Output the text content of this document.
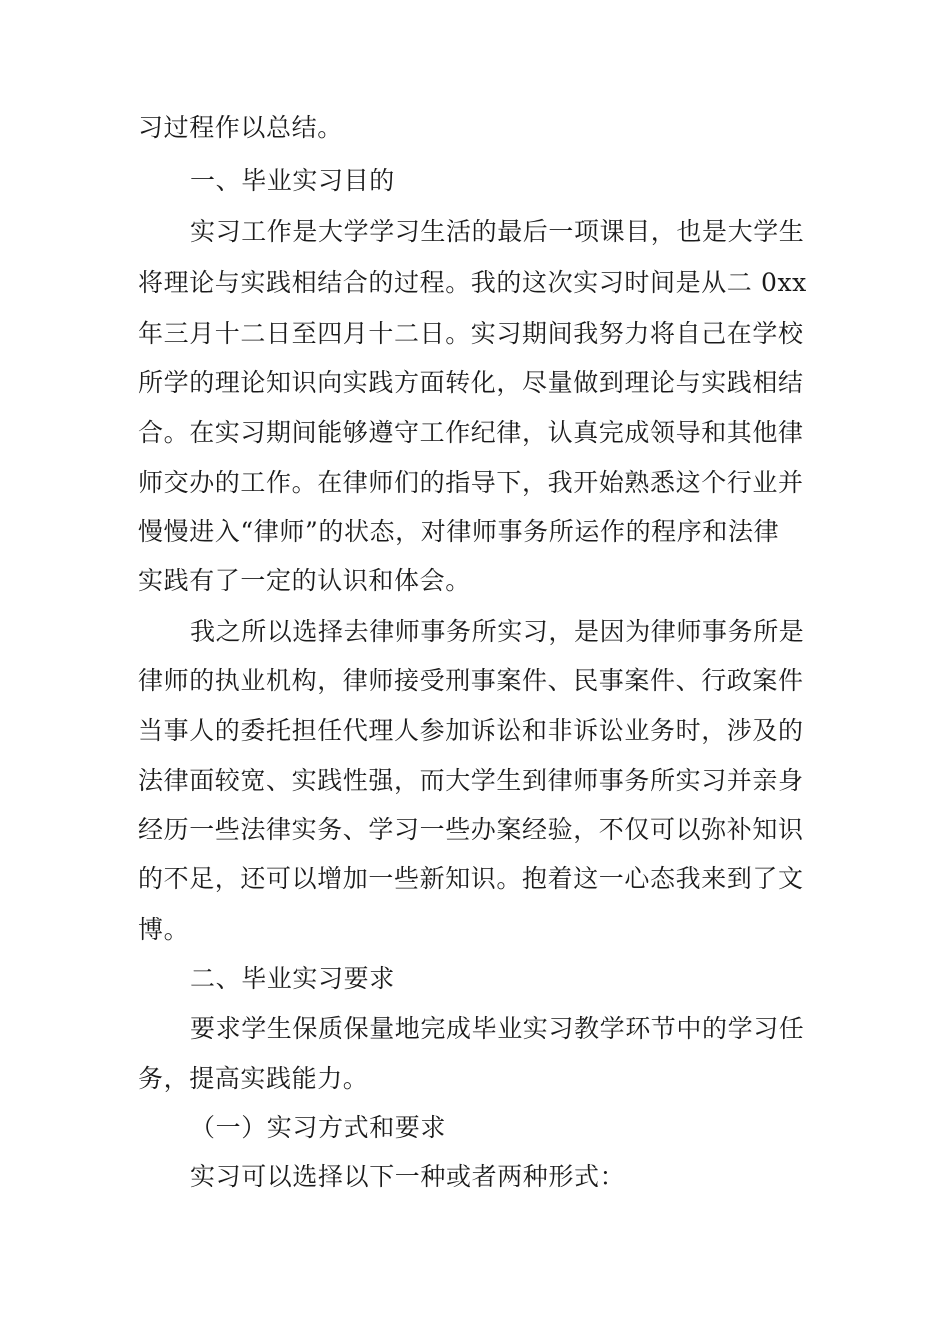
习过程作以总结。

一、毕业实习目的

实习工作是大学学习生活的最后一项课目，也是大学生

将理论与实践相结合的过程。我的这次实习时间是从二 0xx

年三月十二日至四月十二日。实习期间我努力将自己在学校

所学的理论知识向实践方面转化，尽量做到理论与实践相结

合。在实习期间能够遵守工作纪律，认真完成领导和其他律

师交办的工作。在律师们的指导下，我开始熟悉这个行业并

慢慢进入“律师”的状态，对律师事务所运作的程序和法律

实践有了一定的认识和体会。

我之所以选择去律师事务所实习，是因为律师事务所是

律师的执业机构，律师接受刑事案件、民事案件、行政案件

当事人的委托担任代理人参加诉讼和非诉讼业务时，涉及的

法律面较宽、实践性强，而大学生到律师事务所实习并亲身

经历一些法律实务、学习一些办案经验，不仅可以弥补知识

的不足，还可以增加一些新知识。抱着这一心态我来到了文

博。

二、毕业实习要求

要求学生保质保量地完成毕业实习教学环节中的学习任

务，提高实践能力。

（一）实习方式和要求

实习可以选择以下一种或者两种形式：
